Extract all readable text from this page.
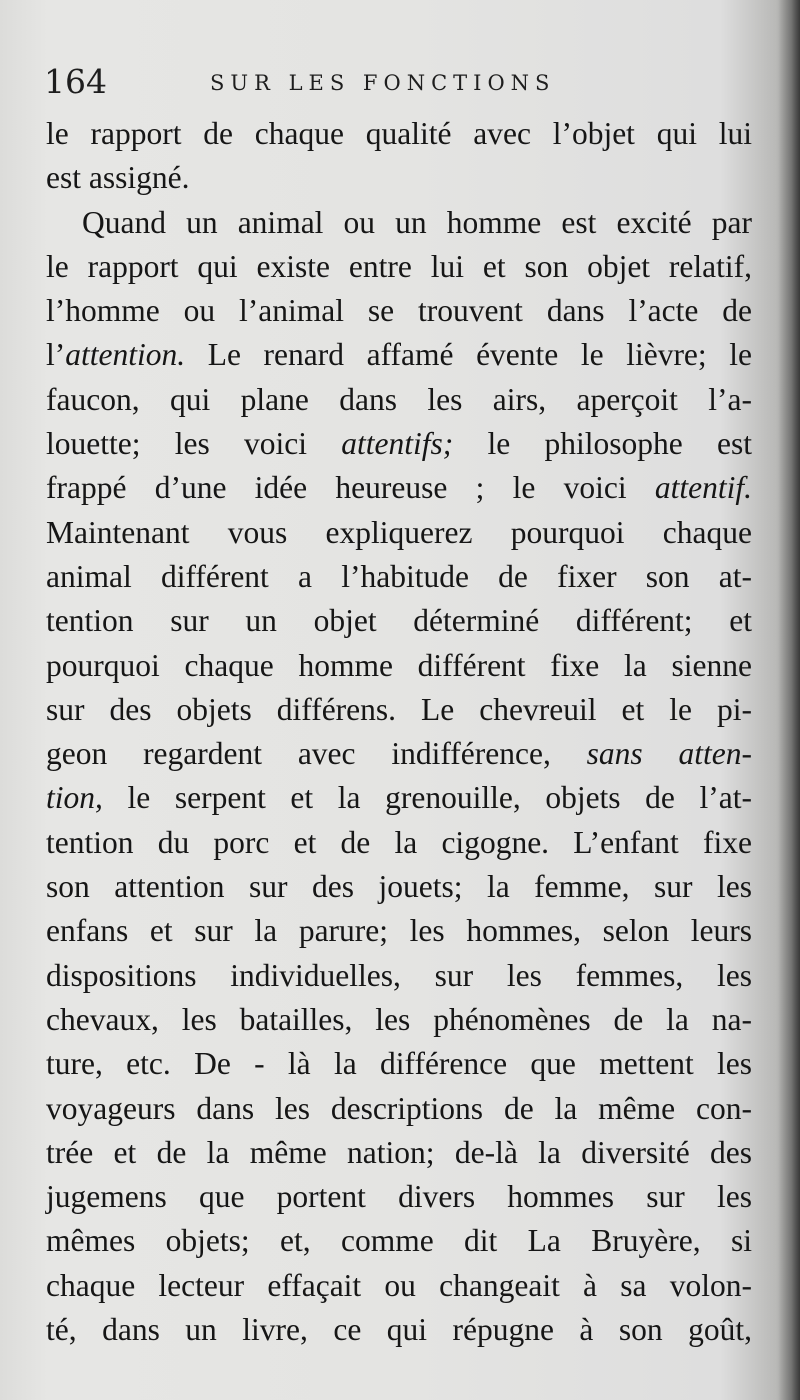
164	SUR LES FONCTIONS
le rapport de chaque qualité avec l’objet qui lui
est assigné.
Quand un animal ou un homme est excité par
le rapport qui existe entre lui et son objet relatif,
l’homme ou l’animal se trouvent dans l’acte de
l’attention. Le renard affamé évente le lièvre; le
faucon, qui plane dans les airs, aperçoit l’a-
louette; les voici attentifs; le philosophe est
frappé d’une idée heureuse ; le voici attentif.
Maintenant vous expliquerez pourquoi chaque
animal différent a l’habitude de fixer son at-
tention sur un objet déterminé différent; et
pourquoi chaque homme différent fixe la sienne
sur des objets différens. Le chevreuil et le pi-
geon regardent avec indifférence, sans atten-
tion, le serpent et la grenouille, objets de l’at-
tention du porc et de la cigogne. L’enfant fixe
son attention sur des jouets; la femme, sur les
enfans et sur la parure; les hommes, selon leurs
dispositions individuelles, sur les femmes, les
chevaux, les batailles, les phénomènes de la na-
ture, etc. De - là la différence que mettent les
voyageurs dans les descriptions de la même con-
trée et de la même nation; de-là la diversité des
jugemens que portent divers hommes sur les
mêmes objets; et, comme dit La Bruyère, si
chaque lecteur effaçait ou changeait à sa volon-
té, dans un livre, ce qui répugne à son goût,
